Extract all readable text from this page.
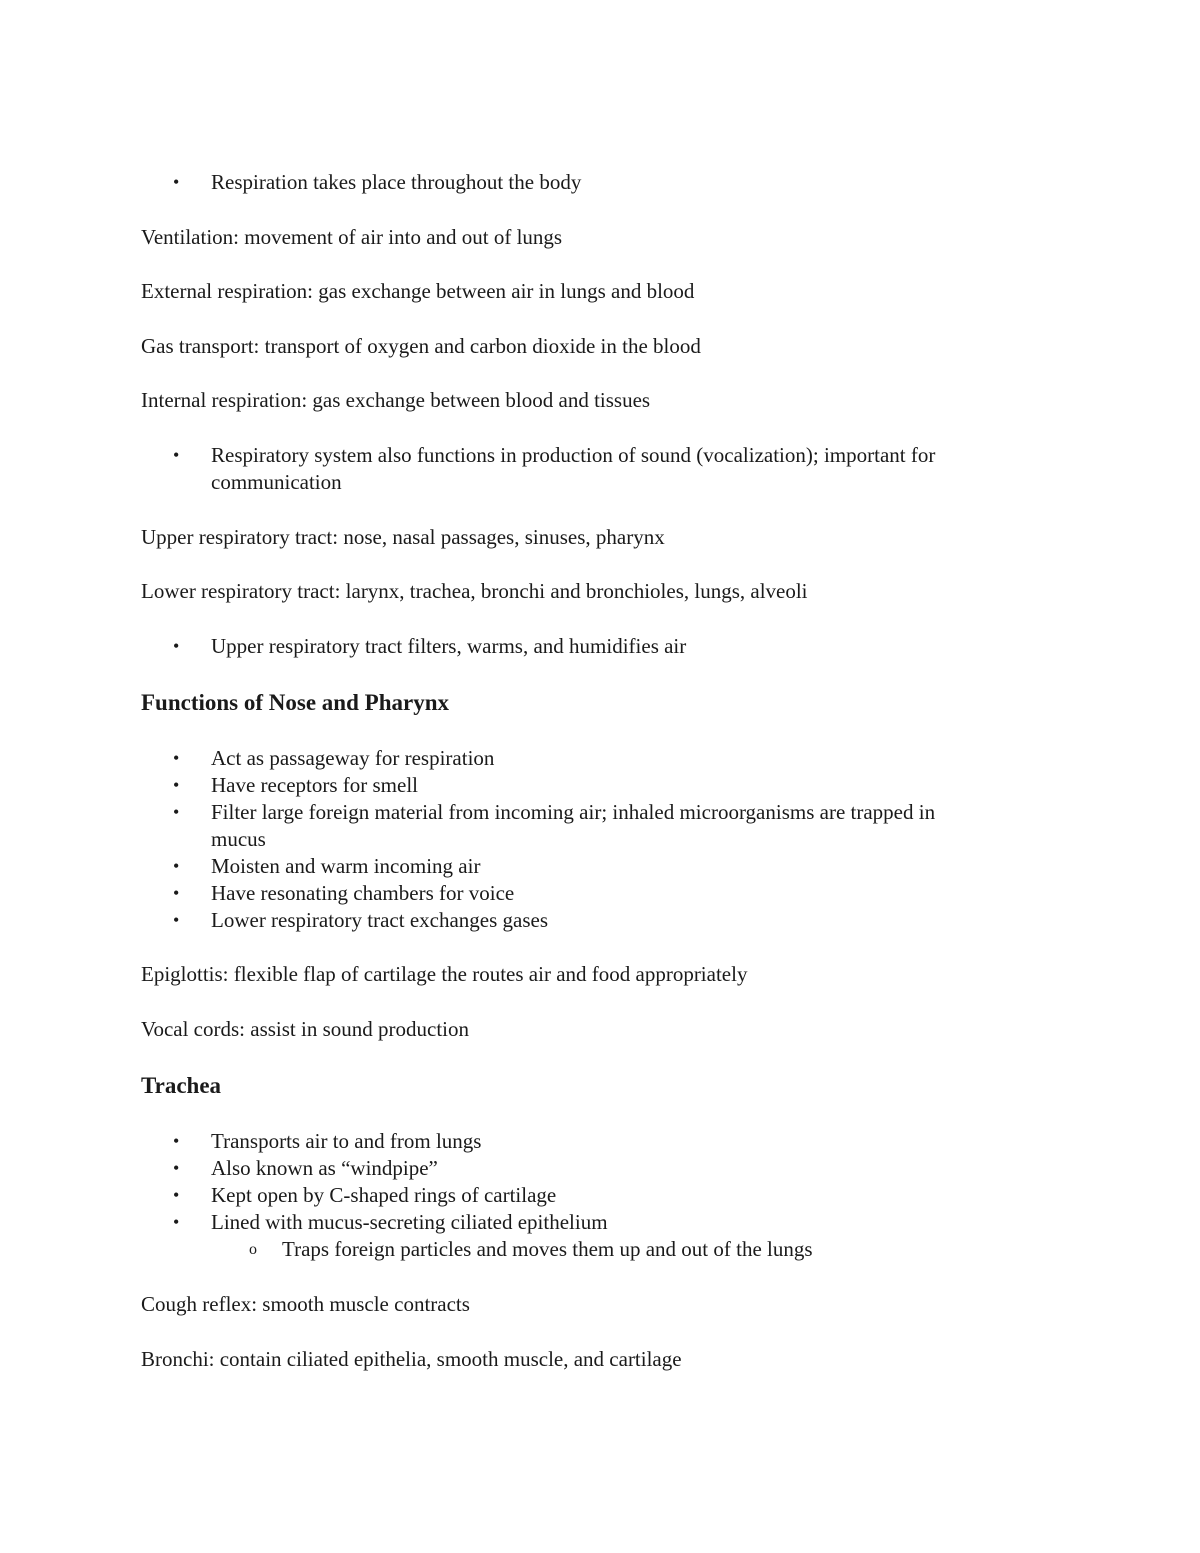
• Respiration takes place throughout the body
Ventilation: movement of air into and out of lungs
External respiration: gas exchange between air in lungs and blood
Gas transport: transport of oxygen and carbon dioxide in the blood
Internal respiration: gas exchange between blood and tissues
• Respiratory system also functions in production of sound (vocalization); important for
communication
Upper respiratory tract: nose, nasal passages, sinuses, pharynx
Lower respiratory tract: larynx, trachea, bronchi and bronchioles, lungs, alveoli
• Upper respiratory tract filters, warms, and humidifies air
Functions of Nose and Pharynx
• Act as passageway for respiration
• Have receptors for smell
• Filter large foreign material from incoming air; inhaled microorganisms are trapped in
mucus
• Moisten and warm incoming air
• Have resonating chambers for voice
• Lower respiratory tract exchanges gases
Epiglottis: flexible flap of cartilage the routes air and food appropriately
Vocal cords: assist in sound production
Trachea
• Transports air to and from lungs
• Also known as “windpipe”
• Kept open by C-shaped rings of cartilage
• Lined with mucus-secreting ciliated epithelium
o Traps foreign particles and moves them up and out of the lungs
Cough reflex: smooth muscle contracts
Bronchi: contain ciliated epithelia, smooth muscle, and cartilage
